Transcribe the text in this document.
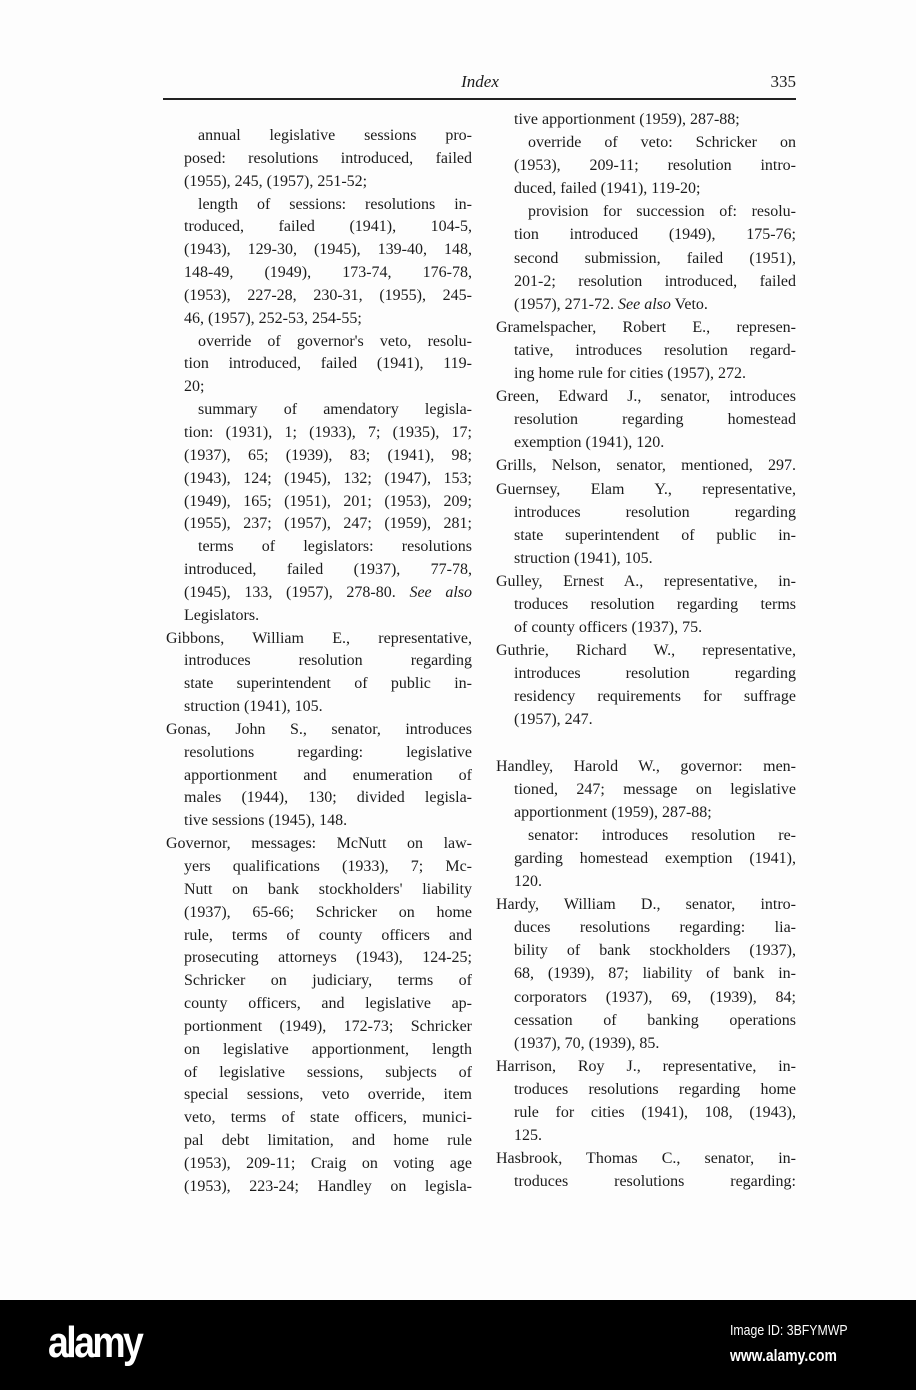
Index	335
annual legislative sessions pro-
posed: resolutions introduced, failed
(1955), 245, (1957), 251-52;
length of sessions: resolutions in-
troduced, failed (1941), 104-5,
(1943), 129-30, (1945), 139-40, 148,
148-49, (1949), 173-74, 176-78,
(1953), 227-28, 230-31, (1955), 245-
46, (1957), 252-53, 254-55;
override of governor's veto, resolu-
tion introduced, failed (1941), 119-
20;
summary of amendatory legisla-
tion: (1931), 1; (1933), 7; (1935), 17;
(1937), 65; (1939), 83; (1941), 98;
(1943), 124; (1945), 132; (1947), 153;
(1949), 165; (1951), 201; (1953), 209;
(1955), 237; (1957), 247; (1959), 281;
terms of legislators: resolutions
introduced, failed (1937), 77-78,
(1945), 133, (1957), 278-80. See also
Legislators.
Gibbons, William E., representative,
introduces resolution regarding
state superintendent of public in-
struction (1941), 105.
Gonas, John S., senator, introduces
resolutions regarding: legislative
apportionment and enumeration of
males (1944), 130; divided legisla-
tive sessions (1945), 148.
Governor, messages: McNutt on law-
yers qualifications (1933), 7; Mc-
Nutt on bank stockholders' liability
(1937), 65-66; Schricker on home
rule, terms of county officers and
prosecuting attorneys (1943), 124-25;
Schricker on judiciary, terms of
county officers, and legislative ap-
portionment (1949), 172-73; Schricker
on legislative apportionment, length
of legislative sessions, subjects of
special sessions, veto override, item
veto, terms of state officers, munici-
pal debt limitation, and home rule
(1953), 209-11; Craig on voting age
(1953), 223-24; Handley on legisla-
tive apportionment (1959), 287-88;
override of veto: Schricker on
(1953), 209-11; resolution intro-
duced, failed (1941), 119-20;
provision for succession of: resolu-
tion introduced (1949), 175-76;
second submission, failed (1951),
201-2; resolution introduced, failed
(1957), 271-72. See also Veto.
Gramelspacher, Robert E., represen-
tative, introduces resolution regard-
ing home rule for cities (1957), 272.
Green, Edward J., senator, introduces
resolution regarding homestead
exemption (1941), 120.
Grills, Nelson, senator, mentioned, 297.
Guernsey, Elam Y., representative,
introduces resolution regarding
state superintendent of public in-
struction (1941), 105.
Gulley, Ernest A., representative, in-
troduces resolution regarding terms
of county officers (1937), 75.
Guthrie, Richard W., representative,
introduces resolution regarding
residency requirements for suffrage
(1957), 247.
Handley, Harold W., governor: men-
tioned, 247; message on legislative
apportionment (1959), 287-88;
senator: introduces resolution re-
garding homestead exemption (1941),
120.
Hardy, William D., senator, intro-
duces resolutions regarding: lia-
bility of bank stockholders (1937),
68, (1939), 87; liability of bank in-
corporators (1937), 69, (1939), 84;
cessation of banking operations
(1937), 70, (1939), 85.
Harrison, Roy J., representative, in-
troduces resolutions regarding home
rule for cities (1941), 108, (1943),
125.
Hasbrook, Thomas C., senator, in-
troduces resolutions regarding:
alamy	Image ID: 3BFYMWP
www.alamy.com
